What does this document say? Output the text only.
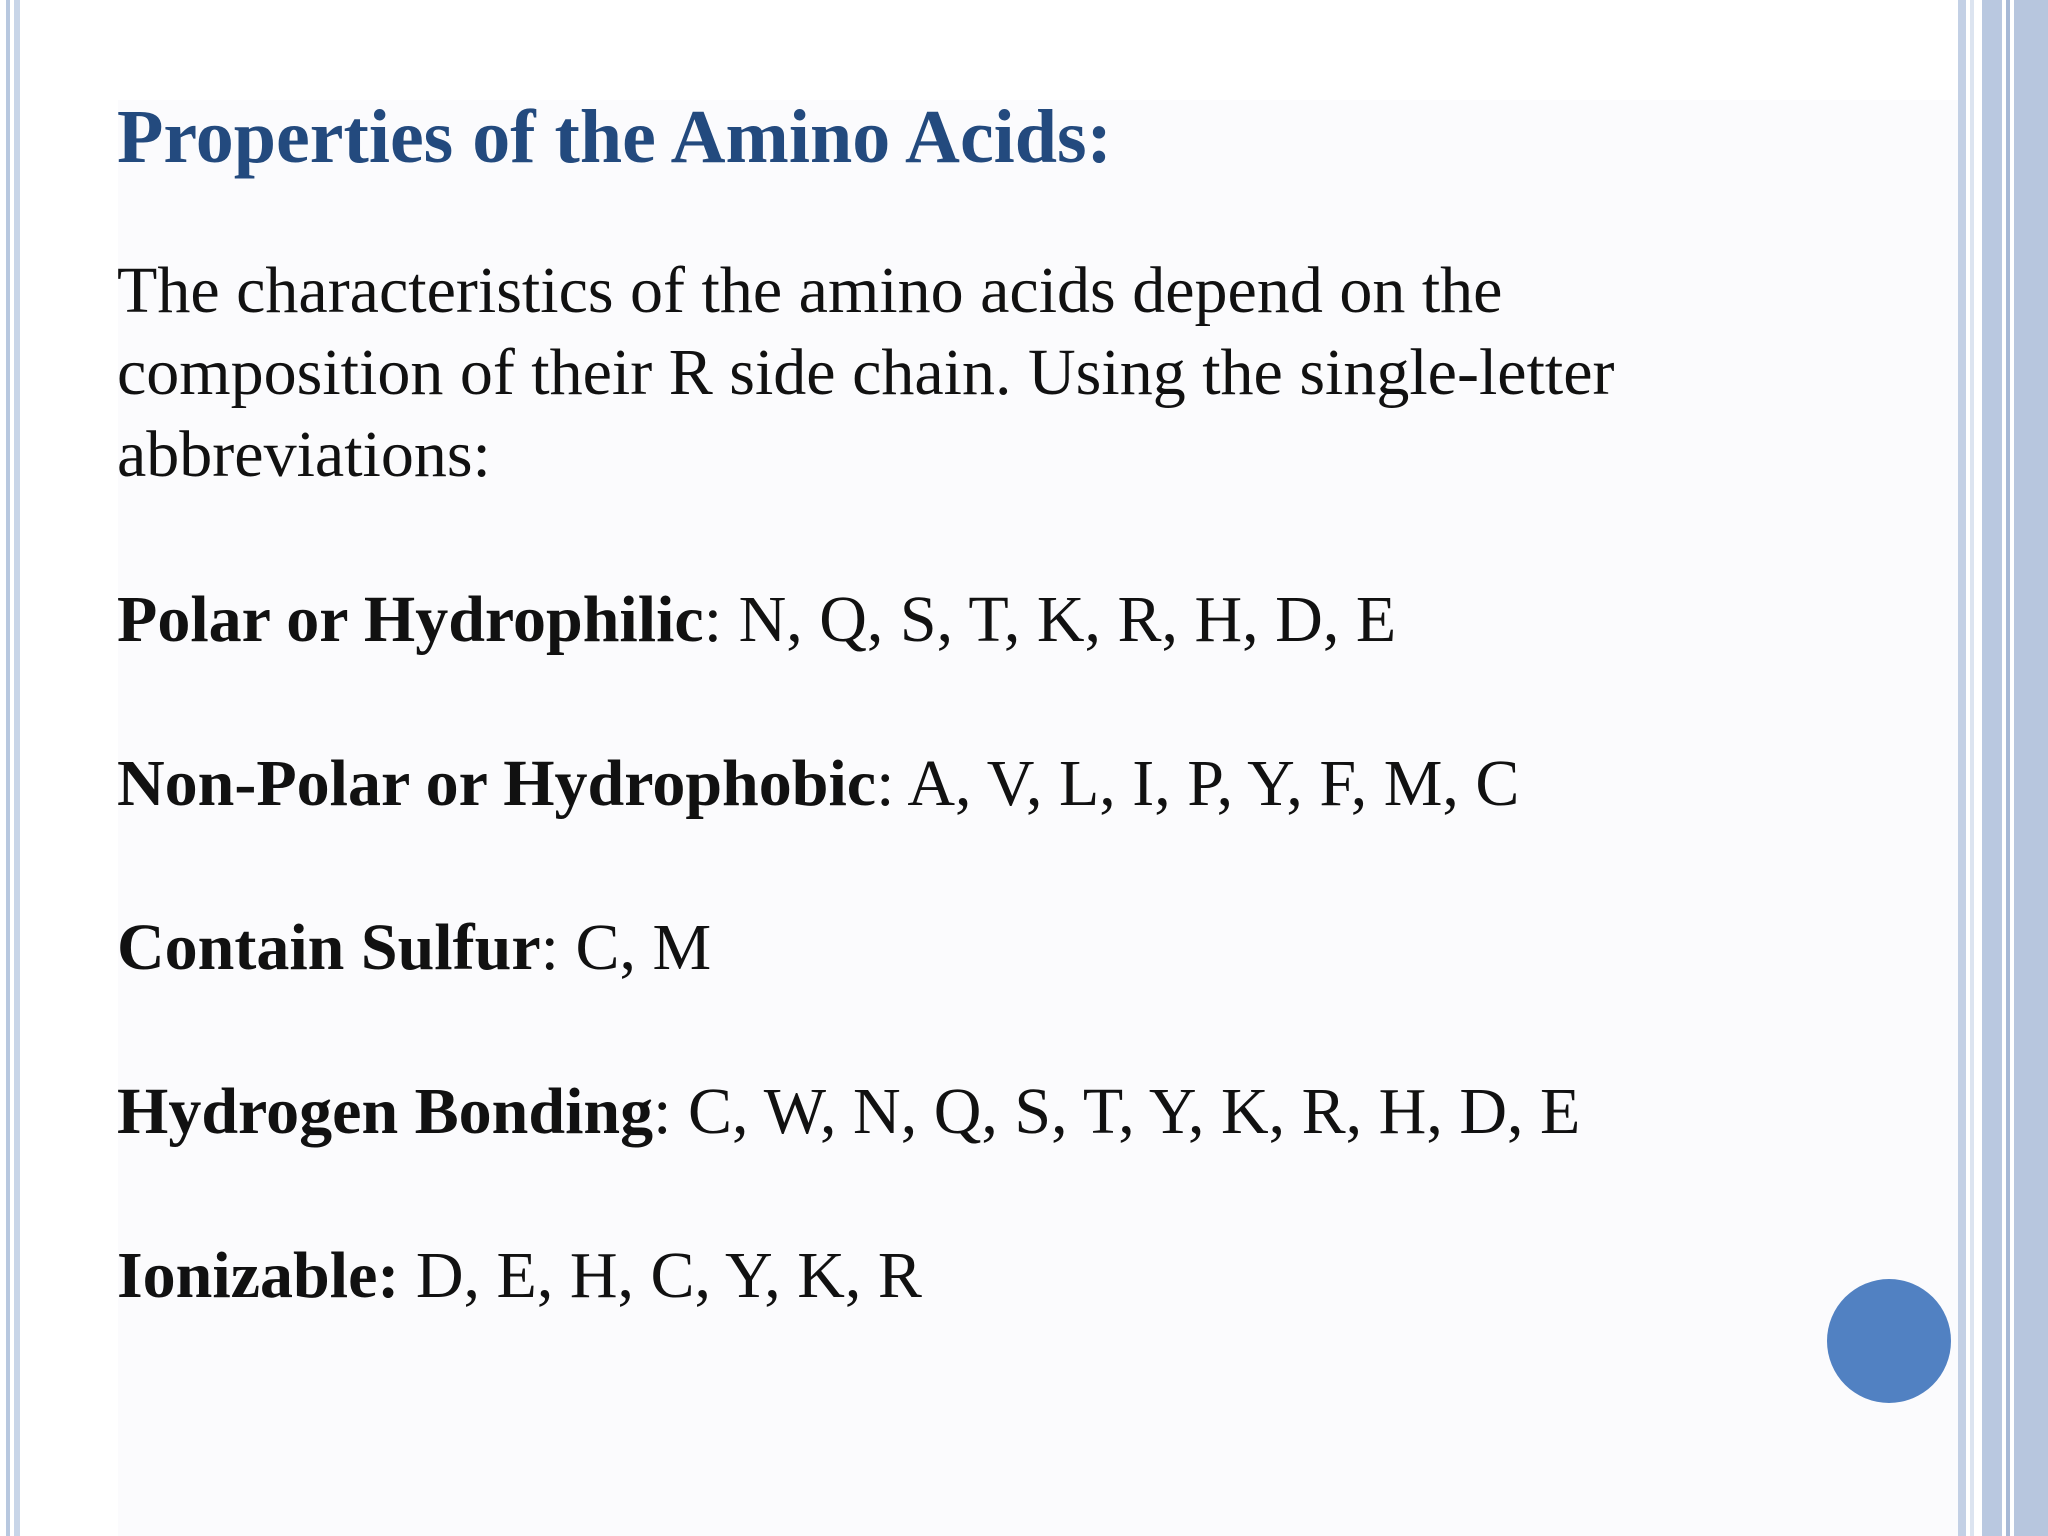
Properties of the Amino Acids:

The characteristics of the amino acids depend on the composition of their R side chain. Using the single-letter abbreviations:

Polar or Hydrophilic: N, Q, S, T, K, R, H, D, E

Non-Polar or Hydrophobic: A, V, L, I, P, Y, F, M, C

Contain Sulfur: C, M

Hydrogen Bonding: C, W, N, Q, S, T, Y, K, R, H, D, E

Ionizable: D, E, H, C, Y, K, R
